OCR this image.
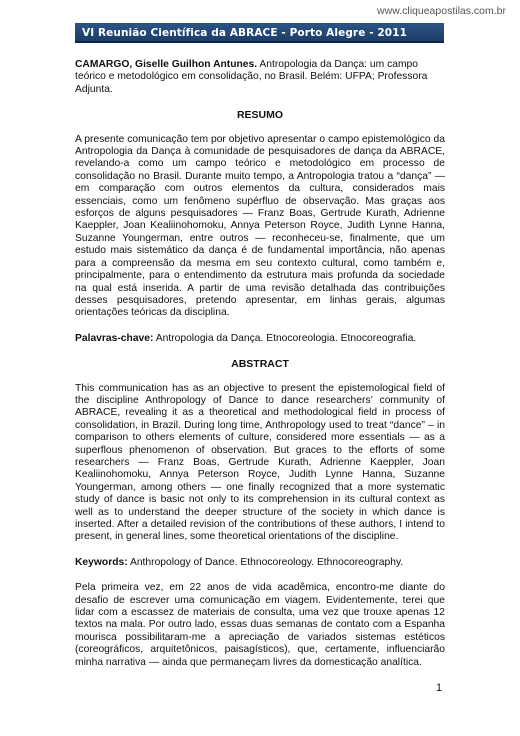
www.cliqueapostilas.com.br
VI Reunião Científica da ABRACE - Porto Alegre - 2011

CAMARGO, Giselle Guilhon Antunes. Antropologia da Dança: um campo teórico e metodológico em consolidação, no Brasil. Belém: UFPA; Professora Adjunta.

RESUMO

A presente comunicação tem por objetivo apresentar o campo epistemológico da Antropologia da Dança à comunidade de pesquisadores de dança da ABRACE, revelando-a como um campo teórico e metodológico em processo de consolidação no Brasil. Durante muito tempo, a Antropologia tratou a “dança” — em comparação com outros elementos da cultura, considerados mais essenciais, como um fenômeno supérfluo de observação. Mas graças aos esforços de alguns pesquisadores — Franz Boas, Gertrude Kurath, Adrienne Kaeppler, Joan Kealiinohomoku, Annya Peterson Royce, Judith Lynne Hanna, Suzanne Youngerman, entre outros — reconheceu-se, finalmente, que um estudo mais sistemático da dança é de fundamental importância, não apenas para a compreensão da mesma em seu contexto cultural, como também e, principalmente, para o entendimento da estrutura mais profunda da sociedade na qual está inserida. A partir de uma revisão detalhada das contribuições desses pesquisadores, pretendo apresentar, em linhas gerais, algumas orientações teóricas da disciplina.

Palavras-chave: Antropologia da Dança. Etnocoreologia. Etnocoreografia.

ABSTRACT

This communication has as an objective to present the epistemological field of the discipline Anthropology of Dance to dance researchers’ community of ABRACE, revealing it as a theoretical and methodological field in process of consolidation, in Brazil. During long time, Anthropology used to treat “dance” – in comparison to others elements of culture, considered more essentials — as a superflous phenomenon of observation. But graces to the efforts of some researchers — Franz Boas, Gertrude Kurath, Adrienne Kaeppler, Joan Kealiinohomoku, Annya Peterson Royce, Judith Lynne Hanna, Suzanne Youngerman, among others — one finally recognized that a more systematic study of dance is basic not only to its comprehension in its cultural context as well as to understand the deeper structure of the society in which dance is inserted. After a detailed revision of the contributions of these authors, I intend to present, in general lines, some theoretical orientations of the discipline.

Keywords: Anthropology of Dance. Ethnocoreology. Ethnocoreography.

Pela primeira vez, em 22 anos de vida acadêmica, encontro-me diante do desafio de escrever uma comunicação em viagem. Evidentemente, terei que lidar com a escassez de materiais de consulta, uma vez que trouxe apenas 12 textos na mala. Por outro lado, essas duas semanas de contato com a Espanha mourisca possibilitaram-me a apreciação de variados sistemas estéticos (coreográficos, arquitetônicos, paisagísticos), que, certamente, influenciarão minha narrativa — ainda que permaneçam livres da domesticação analítica.

1
